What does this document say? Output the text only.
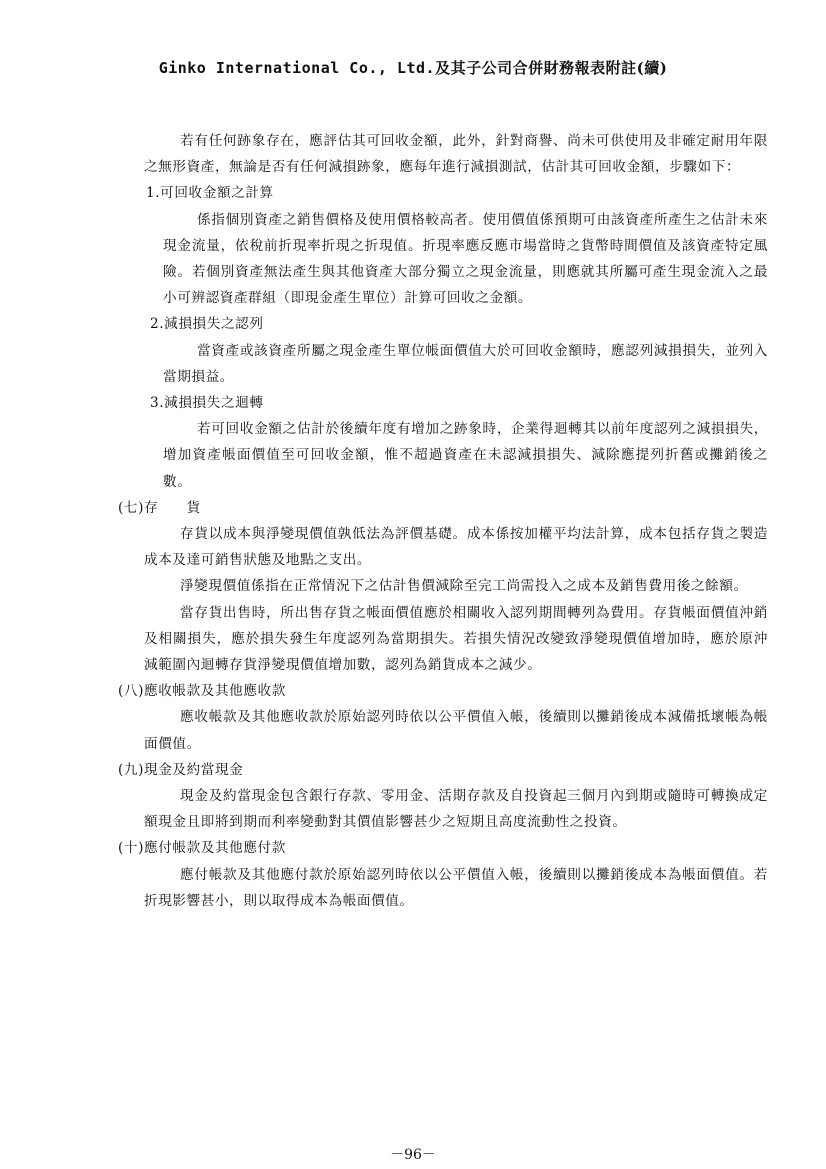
Ginko International Co., Ltd.及其子公司合併財務報表附註(續)

若有任何跡象存在，應評估其可回收金額，此外，針對商譽、尚未可供使用及非確定耐用年限之無形資產，無論是否有任何減損跡象，應每年進行減損測試，估計其可回收金額，步驟如下：

1.可回收金額之計算

係指個別資產之銷售價格及使用價格較高者。使用價值係預期可由該資產所產生之估計未來現金流量，依稅前折現率折現之折現值。折現率應反應市場當時之貨幣時間價值及該資產特定風險。若個別資產無法產生與其他資產大部分獨立之現金流量，則應就其所屬可產生現金流入之最小可辨認資產群組（即現金產生單位）計算可回收之金額。

2.減損損失之認列

當資產或該資產所屬之現金產生單位帳面價值大於可回收金額時，應認列減損損失，並列入當期損益。

3.減損損失之迴轉

若可回收金額之估計於後續年度有增加之跡象時，企業得迴轉其以前年度認列之減損損失，增加資產帳面價值至可回收金額，惟不超過資產在未認減損損失、減除應提列折舊或攤銷後之數。

(七)存　　貨

存貨以成本與淨變現價值孰低法為評價基礎。成本係按加權平均法計算，成本包括存貨之製造成本及達可銷售狀態及地點之支出。

淨變現價值係指在正常情況下之估計售價減除至完工尚需投入之成本及銷售費用後之餘額。

當存貨出售時，所出售存貨之帳面價值應於相關收入認列期間轉列為費用。存貨帳面價值沖銷及相關損失，應於損失發生年度認列為當期損失。若損失情況改變致淨變現價值增加時，應於原沖減範圍內迴轉存貨淨變現價值增加數，認列為銷貨成本之減少。

(八)應收帳款及其他應收款

應收帳款及其他應收款於原始認列時依以公平價值入帳，後續則以攤銷後成本減備抵壞帳為帳面價值。

(九)現金及約當現金

現金及約當現金包含銀行存款、零用金、活期存款及自投資起三個月內到期或隨時可轉換成定額現金且即將到期而利率變動對其價值影響甚少之短期且高度流動性之投資。

(十)應付帳款及其他應付款

應付帳款及其他應付款於原始認列時依以公平價值入帳，後續則以攤銷後成本為帳面價值。若折現影響甚小，則以取得成本為帳面價值。

－96－
